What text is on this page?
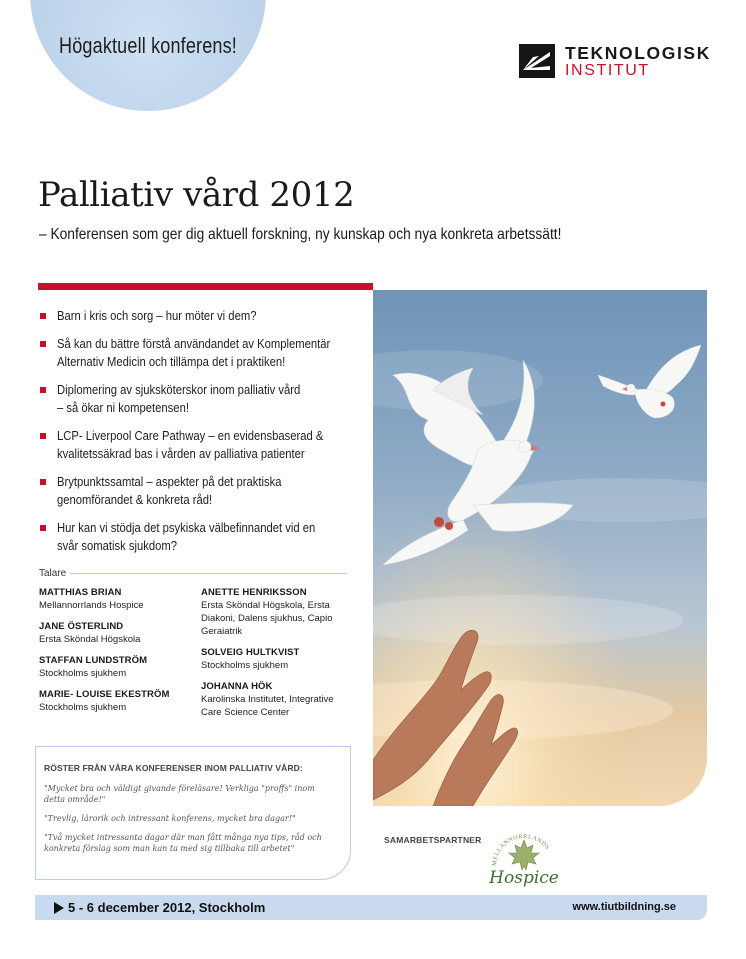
Högaktuell konferens!	TEKNOLOGISK
INSTITUT
Palliativ vård 2012
– Konferensen som ger dig aktuell forskning, ny kunskap och nya konkreta arbetssätt!
Barn i kris och sorg – hur möter vi dem?
Så kan du bättre förstå användandet av Komplementär
Alternativ Medicin och tillämpa det i praktiken!
Diplomering av sjuksköterskor inom palliativ vård
– så ökar ni kompetensen!
LCP- Liverpool Care Pathway – en evidensbaserad &
kvalitetssäkrad bas i vården av palliativa patienter
Brytpunktssamtal – aspekter på det praktiska
genomförandet & konkreta råd!
Hur kan vi stödja det psykiska välbefinnandet vid en
svår somatisk sjukdom?
Talare
MATTHIAS BRIAN
Mellannorrlands Hospice
JANE ÖSTERLIND
Ersta Sköndal Högskola
STAFFAN LUNDSTRÖM
Stockholms sjukhem
MARIE- LOUISE EKESTRÖM
Stockholms sjukhem
ANETTE HENRIKSSON
Ersta Sköndal Högskola, Ersta
Diakoni, Dalens sjukhus, Capio
Geraiatrik
SOLVEIG HULTKVIST
Stockholms sjukhem
JOHANNA HÖK
Karolinska Institutet, Integrative
Care Science Center
RÖSTER FRÅN VÅRA KONFERENSER INOM PALLIATIV VÅRD:
"Mycket bra och väldigt givande föreläsare! Verkliga "proffs" inom
detta område!"
"Trevlig, lärorik och intressant konferens, mycket bra dagar!"
"Två mycket intressanta dagar där man fått många nya tips, råd och
konkreta förslag som man kan ta med sig tillbaka till arbetet"
SAMARBETSPARTNER
MELLANNORRLANDS
Hospice
5 - 6 december 2012, Stockholm	www.tiutbildning.se
